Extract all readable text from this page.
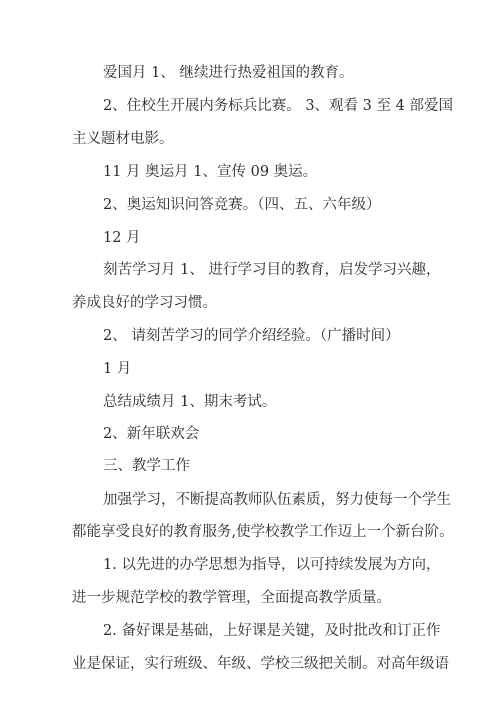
爱国月 1、 继续进行热爱祖国的教育。
2、住校生开展内务标兵比赛。 3、观看 3 至 4 部爱国
主义题材电影。
11 月 奥运月 1、宣传 09 奥运。
2、奥运知识问答竞赛。（四、五、六年级）
12 月
刻苦学习月 1、 进行学习目的教育，启发学习兴趣，
养成良好的学习习惯。
2、 请刻苦学习的同学介绍经验。（广播时间）
1 月
总结成绩月 1、期末考试。
2、新年联欢会
三、教学工作
加强学习，不断提高教师队伍素质，努力使每一个学生
都能享受良好的教育服务,使学校教学工作迈上一个新台阶。
1. 以先进的办学思想为指导，以可持续发展为方向，
进一步规范学校的教学管理，全面提高教学质量。
2. 备好课是基础，上好课是关键，及时批改和订正作
业是保证，实行班级、年级、学校三级把关制。对高年级语
